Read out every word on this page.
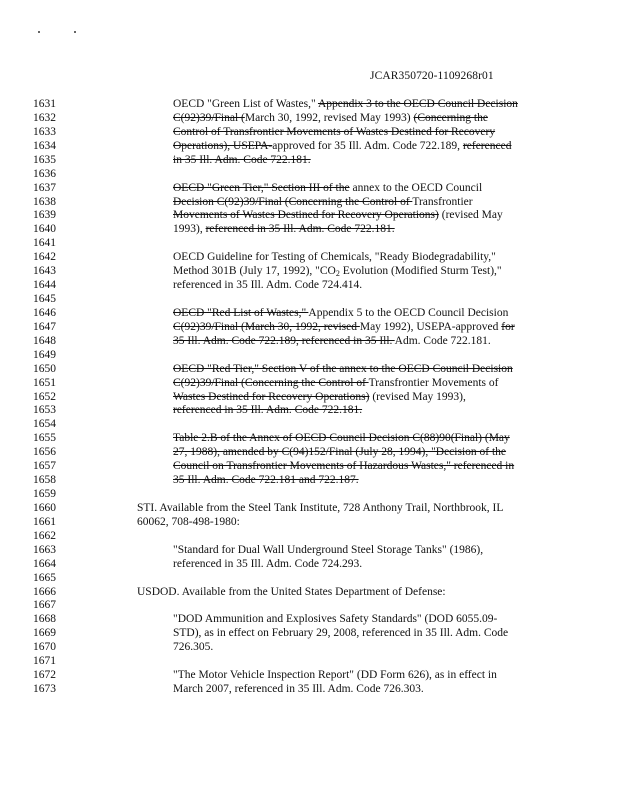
JCAR350720-1109268r01
1631	OECD "Green List of Wastes," Appendix 3 to the OECD Council Decision
1632	C(92)39/Final (March 30, 1992, revised May 1993) (Concerning the
1633	Control of Transfrontier Movements of Wastes Destined for Recovery
1634	Operations), USEPA-approved for 35 Ill. Adm. Code 722.189, referenced
1635	in 35 Ill. Adm. Code 722.181.
1636
1637	OECD "Green Tier," Section III of the annex to the OECD Council
1638	Decision C(92)39/Final (Concerning the Control of Transfrontier
1639	Movements of Wastes Destined for Recovery Operations) (revised May
1640	1993), referenced in 35 Ill. Adm. Code 722.181.
1641
1642	OECD Guideline for Testing of Chemicals, "Ready Biodegradability,"
1643	Method 301B (July 17, 1992), "$CO_2$ Evolution (Modified Sturm Test),"
1644	referenced in 35 Ill. Adm. Code 724.414.
1645
1646	OECD "Red List of Wastes," Appendix 5 to the OECD Council Decision
1647	C(92)39/Final (March 30, 1992, revised May 1992), USEPA-approved for
1648	35 Ill. Adm. Code 722.189, referenced in 35 Ill. Adm. Code 722.181.
1649
1650	OECD "Red Tier," Section V of the annex to the OECD Council Decision
1651	C(92)39/Final (Concerning the Control of Transfrontier Movements of
1652	Wastes Destined for Recovery Operations) (revised May 1993),
1653	referenced in 35 Ill. Adm. Code 722.181.
1654
1655	Table 2.B of the Annex of OECD Council Decision C(88)90(Final) (May
1656	27, 1988), amended by C(94)152/Final (July 28, 1994), "Decision of the
1657	Council on Transfrontier Movements of Hazardous Wastes," referenced in
1658	35 Ill. Adm. Code 722.181 and 722.187.
1659
1660	STI. Available from the Steel Tank Institute, 728 Anthony Trail, Northbrook, IL
1661	60062, 708-498-1980:
1662
1663	"Standard for Dual Wall Underground Steel Storage Tanks" (1986),
1664	referenced in 35 Ill. Adm. Code 724.293.
1665
1666	USDOD. Available from the United States Department of Defense:
1667
1668	"DOD Ammunition and Explosives Safety Standards" (DOD 6055.09-
1669	STD), as in effect on February 29, 2008, referenced in 35 Ill. Adm. Code
1670	726.305.
1671
1672	"The Motor Vehicle Inspection Report" (DD Form 626), as in effect in
1673	March 2007, referenced in 35 Ill. Adm. Code 726.303.
